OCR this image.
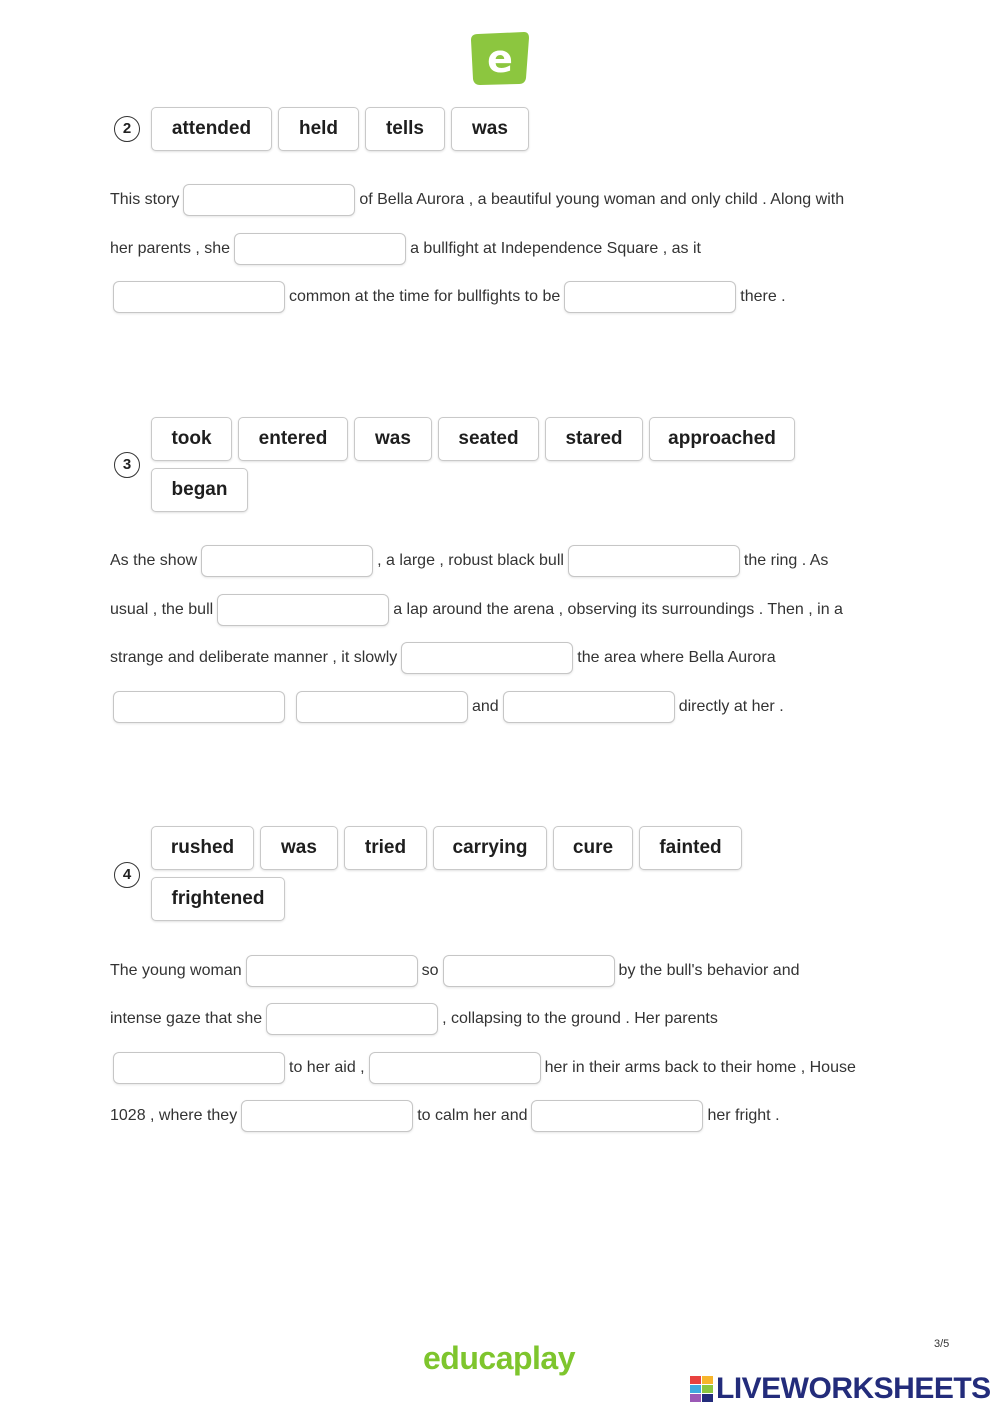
e
2	attended	held	tells	was
This story	of Bella Aurora , a beautiful young woman and only child . Along with
her parents , she	a bullfight at Independence Square , as it
common at the time for bullfights to be	there .
3
took	entered	was	seated	stared	approached
began
As the show	, a large , robust black bull	the ring . As
usual , the bull	a lap around the arena , observing its surroundings . Then , in a
strange and deliberate manner , it slowly	the area where Bella Aurora
and	directly at her .
4
rushed	was	tried	carrying	cure	fainted
frightened
The young woman	so	by the bull's behavior and
intense gaze that she	, collapsing to the ground . Her parents
to her aid ,	her in their arms back to their home , House
1028 , where they	to calm her and	her fright .
3/5
educaplay
LIVEWORKSHEETS
